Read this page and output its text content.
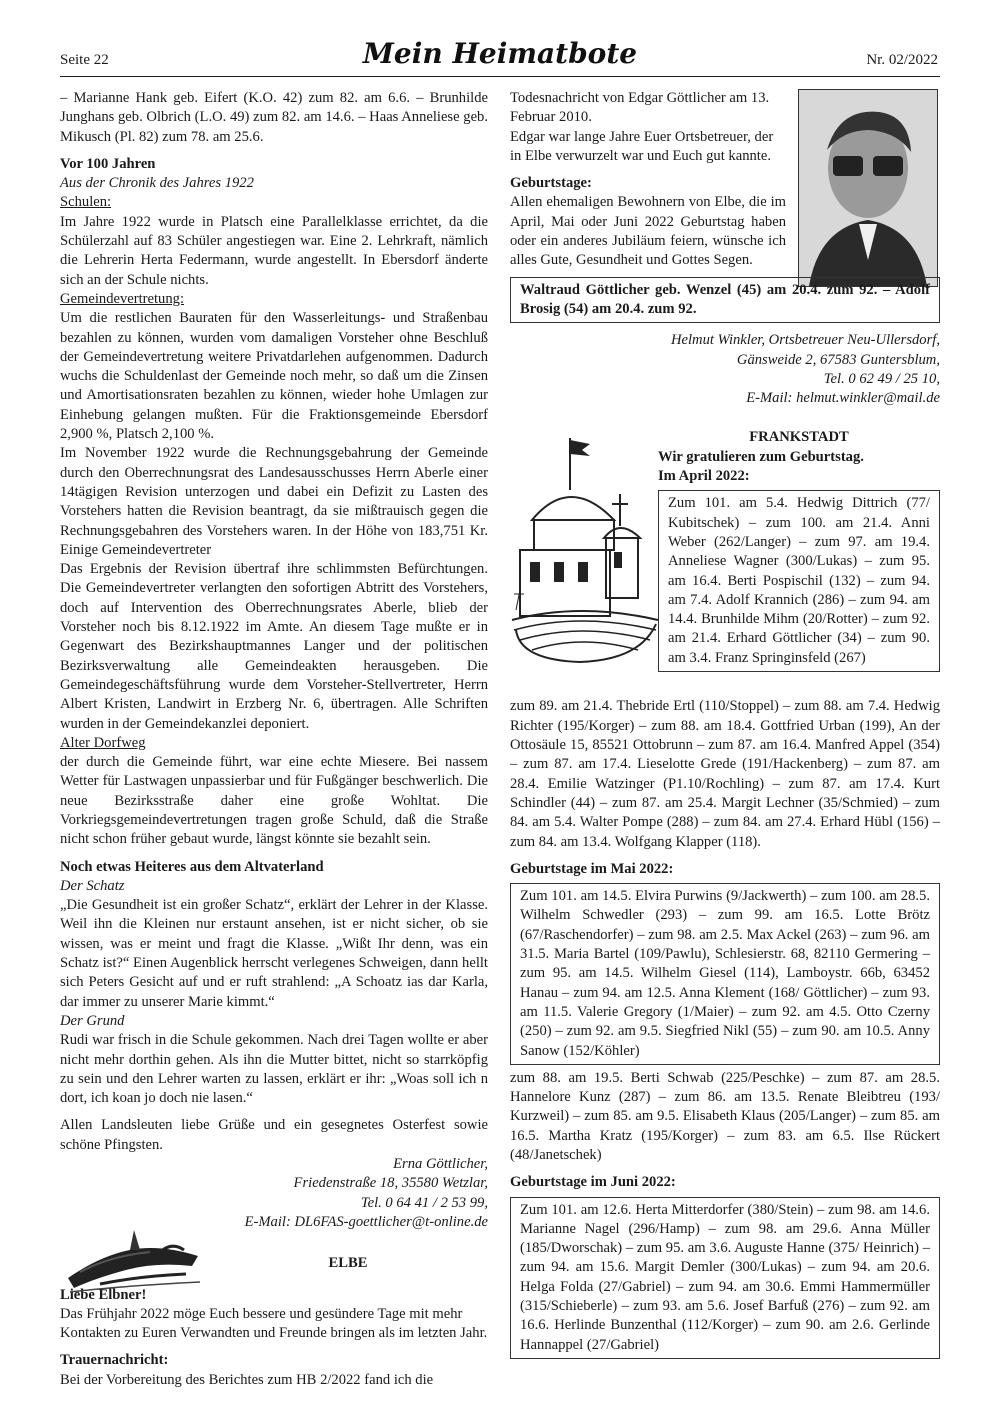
Seite 22	Mein Heimatbote	Nr. 02/2022

– Marianne Hank geb. Eifert (K.O. 42) zum 82. am 6.6. – Brunhilde Junghans geb. Olbrich (L.O. 49) zum 82. am 14.6. – Haas Anneliese geb. Mikusch (Pl. 82) zum 78. am 25.6.

Vor 100 Jahren

Aus der Chronik des Jahres 1922

Schulen:

Im Jahre 1922 wurde in Platsch eine Parallelklasse errichtet, da die Schülerzahl auf 83 Schüler angestiegen war. Eine 2. Lehrkraft, nämlich die Lehrerin Herta Federmann, wurde angestellt. In Ebersdorf änderte sich an der Schule nichts.

Gemeindevertretung:

Um die restlichen Bauraten für den Wasserleitungs- und Straßenbau bezahlen zu können, wurden vom damaligen Vorsteher ohne Beschluß der Gemeindevertretung weitere Privatdarlehen aufgenommen. Dadurch wuchs die Schuldenlast der Gemeinde noch mehr, so daß um die Zinsen und Amortisationsraten bezahlen zu können, wieder hohe Umlagen zur Einhebung gelangen mußten. Für die Fraktionsgemeinde Ebersdorf 2,900 %, Platsch 2,100 %.

Im November 1922 wurde die Rechnungsgebahrung der Gemeinde durch den Oberrechnungsrat des Landesausschusses Herrn Aberle einer 14tägigen Revision unterzogen und dabei ein Defizit zu Lasten des Vorstehers hatten die Revision beantragt, da sie mißtrauisch gegen die Rechnungsgebahren des Vorstehers waren. In der Höhe von 183,751 Kr. Einige Gemeindevertreter

Das Ergebnis der Revision übertraf ihre schlimmsten Befürchtungen. Die Gemeindevertreter verlangten den sofortigen Abtritt des Vorstehers, doch auf Intervention des Oberrechnungsrates Aberle, blieb der Vorsteher noch bis 8.12.1922 im Amte. An diesem Tage mußte er in Gegenwart des Bezirkshauptmannes Langer und der politischen Bezirksverwaltung alle Gemeindeakten herausgeben. Die Gemeindegeschäftsführung wurde dem Vorsteher-Stellvertreter, Herrn Albert Kristen, Landwirt in Erzberg Nr. 6, übertragen. Alle Schriften wurden in der Gemeindekanzlei deponiert.

Alter Dorfweg

der durch die Gemeinde führt, war eine echte Miesere. Bei nassem Wetter für Lastwagen unpassierbar und für Fußgänger beschwerlich. Die neue Bezirksstraße daher eine große Wohltat. Die Vorkriegsgemeindevertretungen tragen große Schuld, daß die Straße nicht schon früher gebaut wurde, längst könnte sie bezahlt sein.

Noch etwas Heiteres aus dem Altvaterland

Der Schatz

„Die Gesundheit ist ein großer Schatz“, erklärt der Lehrer in der Klasse. Weil ihn die Kleinen nur erstaunt ansehen, ist er nicht sicher, ob sie wissen, was er meint und fragt die Klasse. „Wißt Ihr denn, was ein Schatz ist?“ Einen Augenblick herrscht verlegenes Schweigen, dann hellt sich Peters Gesicht auf und er ruft strahlend: „A Schoatz ias dar Karla, dar immer zu unserer Marie kimmt.“

Der Grund

Rudi war frisch in die Schule gekommen. Nach drei Tagen wollte er aber nicht mehr dorthin gehen. Als ihn die Mutter bittet, nicht so starrköpfig zu sein und den Lehrer warten zu lassen, erklärt er ihr: „Woas soll ich n dort, ich koan jo doch nie lasen.“

Allen Landsleuten liebe Grüße und ein gesegnetes Osterfest sowie schöne Pfingsten.

Erna Göttlicher,

Friedenstraße 18, 35580 Wetzlar,

Tel. 0 64 41 / 2 53 99,

E-Mail: DL6FAS-goettlicher@t-online.de

ELBE

Liebe Elbner!

Das Frühjahr 2022 möge Euch bessere und gesündere Tage mit mehr Kontakten zu Euren Verwandten und Freunde bringen als im letzten Jahr.

Trauernachricht:

Bei der Vorbereitung des Berichtes zum HB 2/2022 fand ich die

Todesnachricht von Edgar Göttlicher am 13. Februar 2010.

Edgar war lange Jahre Euer Ortsbetreuer, der in Elbe verwurzelt war und Euch gut kannte.

Geburtstage:

Allen ehemaligen Bewohnern von Elbe, die im April, Mai oder Juni 2022 Geburtstag haben oder ein anderes Jubiläum feiern, wünsche ich alles Gute, Gesundheit und Gottes Segen.

Waltraud Göttlicher geb. Wenzel (45) am 20.4. zum 92. – Adolf Brosig (54) am 20.4. zum 92.

Helmut Winkler, Ortsbetreuer Neu-Ullersdorf,

Gänsweide 2, 67583 Guntersblum,

Tel. 0 62 49 / 25 10,

E-Mail: helmut.winkler@mail.de

FRANKSTADT

Wir gratulieren zum Geburtstag.

Im April 2022:

Zum 101. am 5.4. Hedwig Dittrich (77/ Kubitschek) – zum 100. am 21.4. Anni Weber (262/Langer) – zum 97. am 19.4. Anneliese Wagner (300/Lukas) – zum 95. am 16.4. Berti Pospischil (132) – zum 94. am 7.4. Adolf Krannich (286) – zum 94. am 14.4. Brunhilde Mihm (20/Rotter) – zum 92. am 21.4. Erhard Göttlicher (34) – zum 90. am 3.4. Franz Springinsfeld (267)

zum 89. am 21.4. Thebride Ertl (110/Stoppel) – zum 88. am 7.4. Hedwig Richter (195/Korger) – zum 88. am 18.4. Gottfried Urban (199), An der Ottosäule 15, 85521 Ottobrunn – zum 87. am 16.4. Manfred Appel (354) – zum 87. am 17.4. Lieselotte Grede (191/Hackenberg) – zum 87. am 28.4. Emilie Watzinger (P1.10/Rochling) – zum 87. am 17.4. Kurt Schindler (44) – zum 87. am 25.4. Margit Lechner (35/Schmied) – zum 84. am 5.4. Walter Pompe (288) – zum 84. am 27.4. Erhard Hübl (156) – zum 84. am 13.4. Wolfgang Klapper (118).

Geburtstage im Mai 2022:

Zum 101. am 14.5. Elvira Purwins (9/Jackwerth) – zum 100. am 28.5. Wilhelm Schwedler (293) – zum 99. am 16.5. Lotte Brötz (67/Raschendorfer) – zum 98. am 2.5. Max Ackel (263) – zum 96. am 31.5. Maria Bartel (109/Pawlu), Schlesierstr. 68, 82110 Germering – zum 95. am 14.5. Wilhelm Giesel (114), Lamboystr. 66b, 63452 Hanau – zum 94. am 12.5. Anna Klement (168/ Göttlicher) – zum 93. am 11.5. Valerie Gregory (1/Maier) – zum 92. am 4.5. Otto Czerny (250) – zum 92. am 9.5. Siegfried Nikl (55) – zum 90. am 10.5. Anny Sanow (152/Köhler)

zum 88. am 19.5. Berti Schwab (225/Peschke) – zum 87. am 28.5. Hannelore Kunz (287) – zum 86. am 13.5. Renate Bleibtreu (193/ Kurzweil) – zum 85. am 9.5. Elisabeth Klaus (205/Langer) – zum 85. am 16.5. Martha Kratz (195/Korger) – zum 83. am 6.5. Ilse Rückert (48/Janetschek)

Geburtstage im Juni 2022:

Zum 101. am 12.6. Herta Mitterdorfer (380/Stein) – zum 98. am 14.6. Marianne Nagel (296/Hamp) – zum 98. am 29.6. Anna Müller (185/Dworschak) – zum 95. am 3.6. Auguste Hanne (375/ Heinrich) – zum 94. am 15.6. Margit Demler (300/Lukas) – zum 94. am 20.6. Helga Folda (27/Gabriel) – zum 94. am 30.6. Emmi Hammermüller (315/Schieberle) – zum 93. am 5.6. Josef Barfuß (276) – zum 92. am 16.6. Herlinde Bunzenthal (112/Korger) – zum 90. am 2.6. Gerlinde Hannappel (27/Gabriel)
